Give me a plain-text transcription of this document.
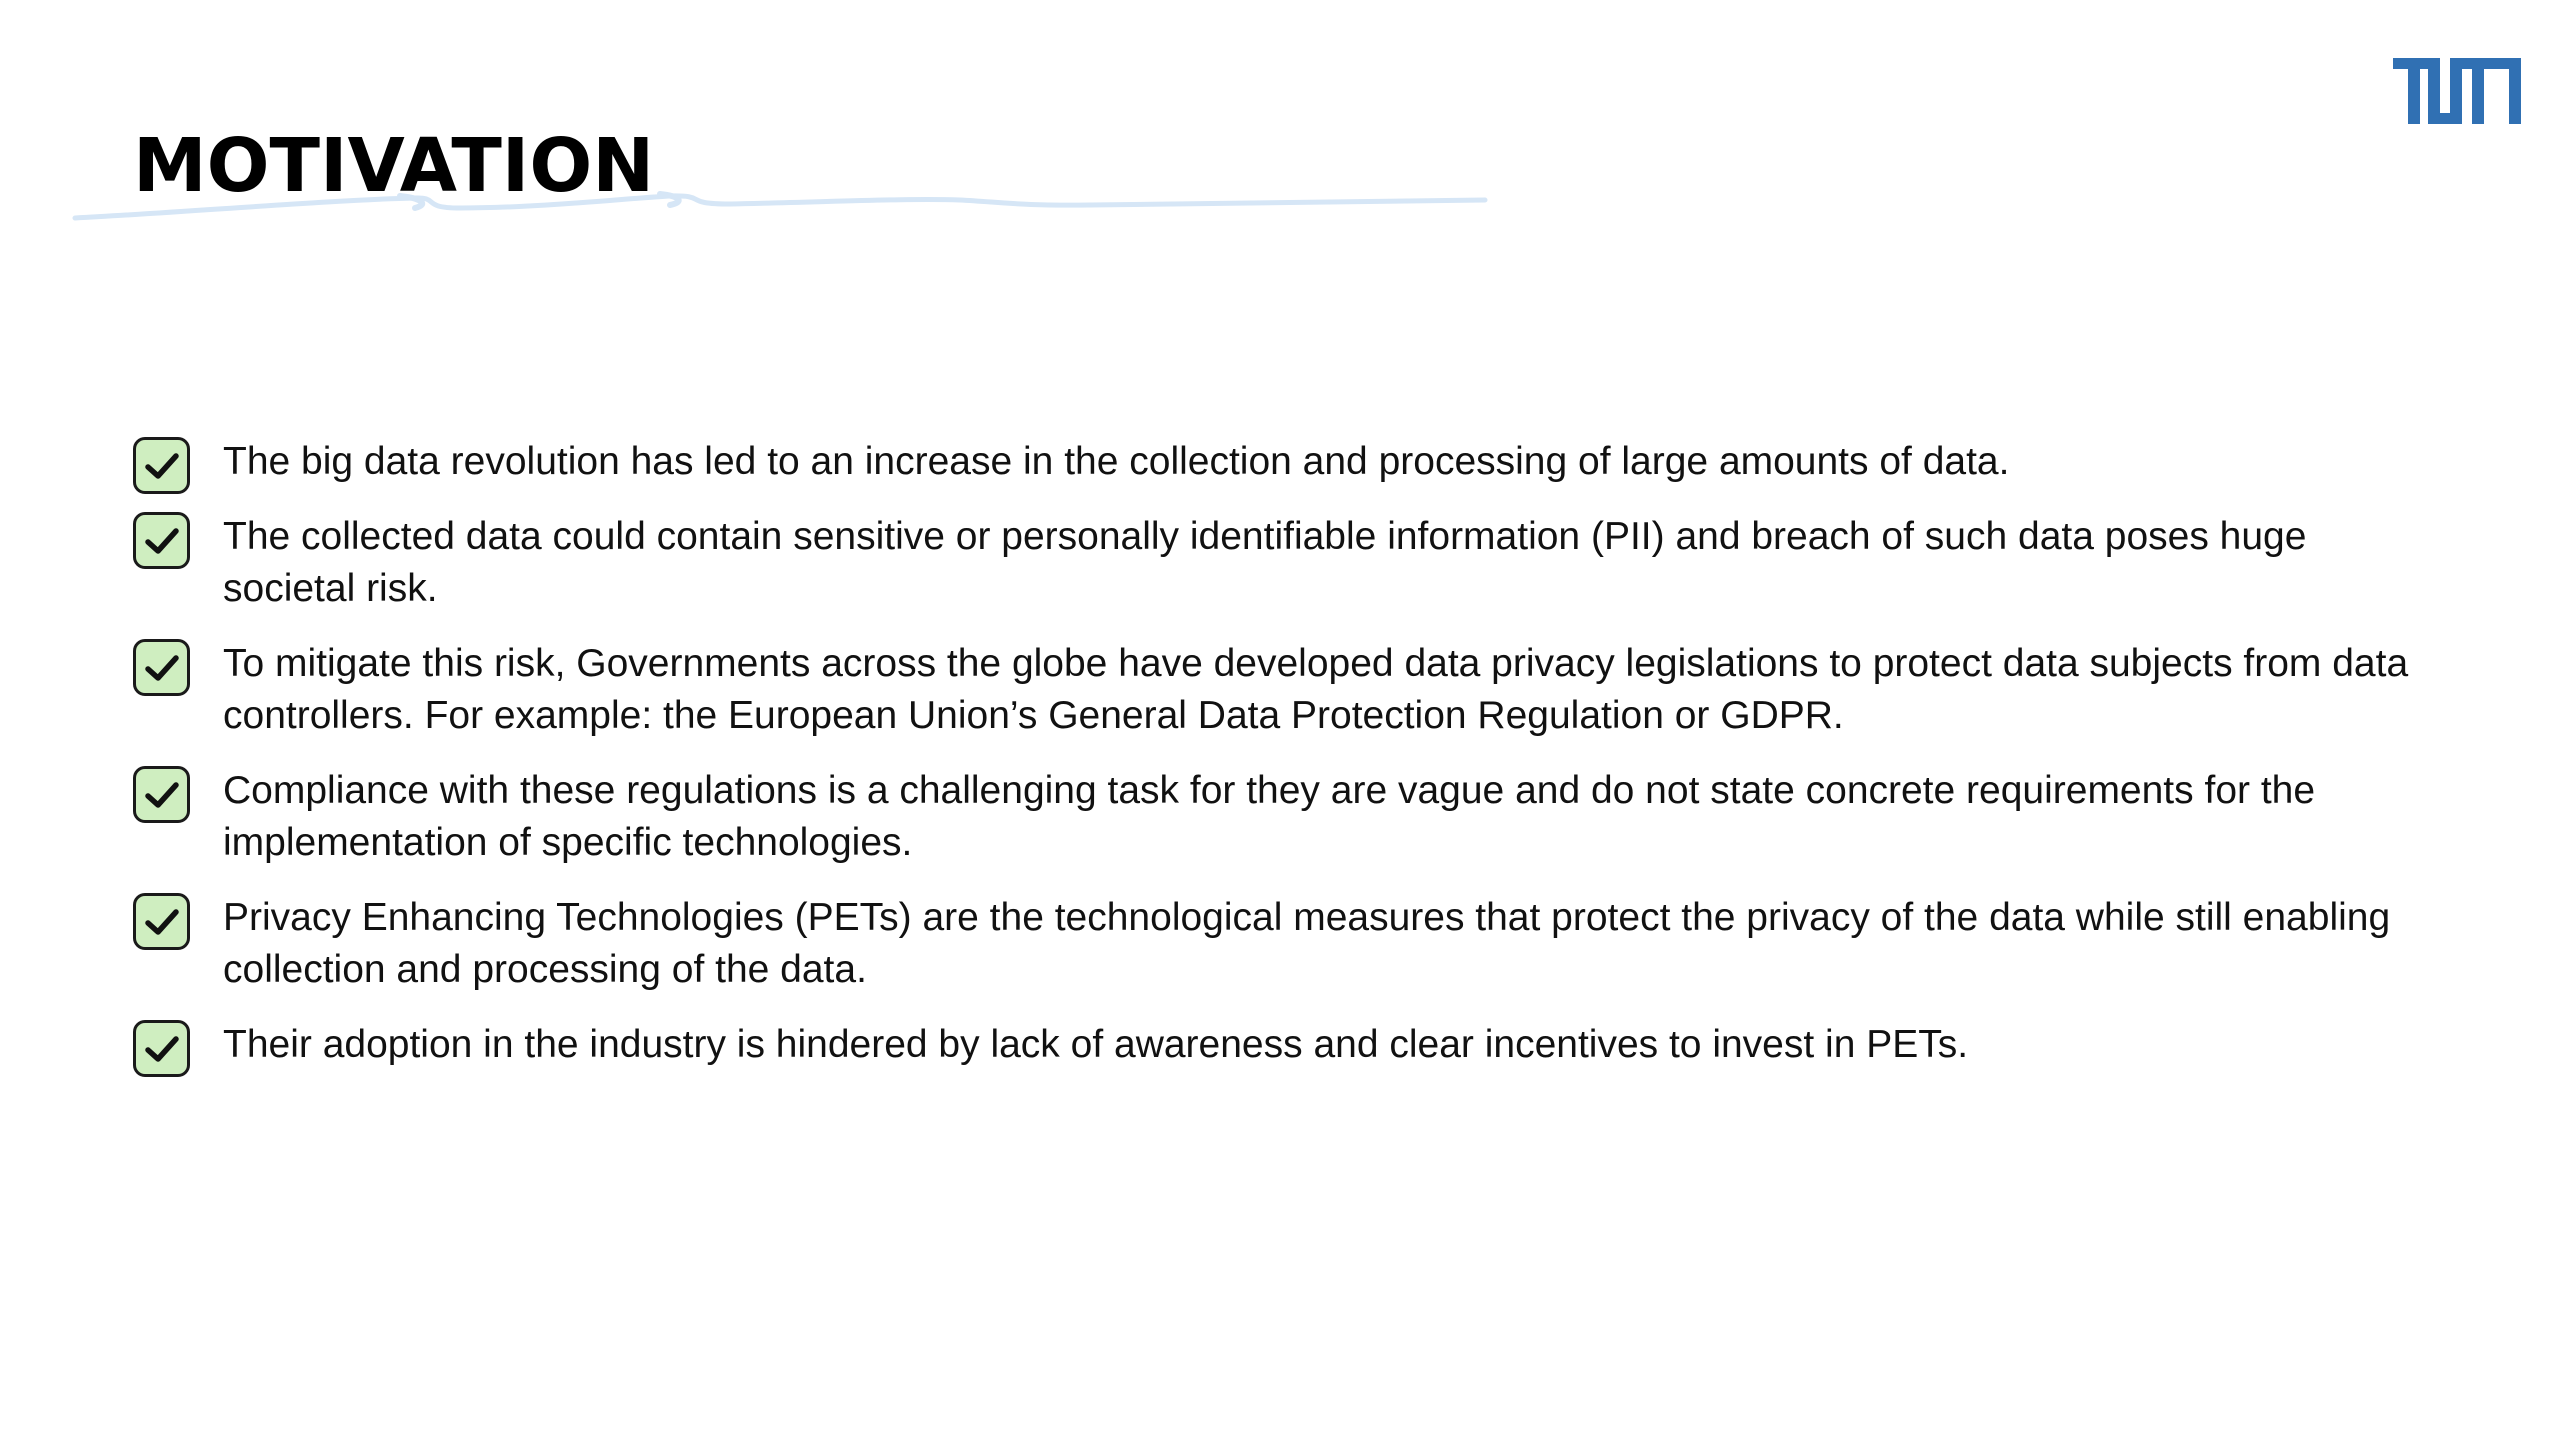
MOTIVATION
The big data revolution has led to an increase in the collection and processing of large amounts of data.
The collected data could contain sensitive or personally identifiable information (PII) and breach of such data poses huge societal risk.
To mitigate this risk, Governments across the globe have developed data privacy legislations to protect data subjects from data controllers. For example: the European Union’s General Data Protection Regulation or GDPR.
Compliance with these regulations is a challenging task for they are vague and do not state concrete requirements for the implementation of specific technologies.
Privacy Enhancing Technologies (PETs) are the technological measures that protect the privacy of the data while still enabling collection and processing of the data.
Their adoption in the industry is hindered by lack of awareness and clear incentives to invest in PETs.
